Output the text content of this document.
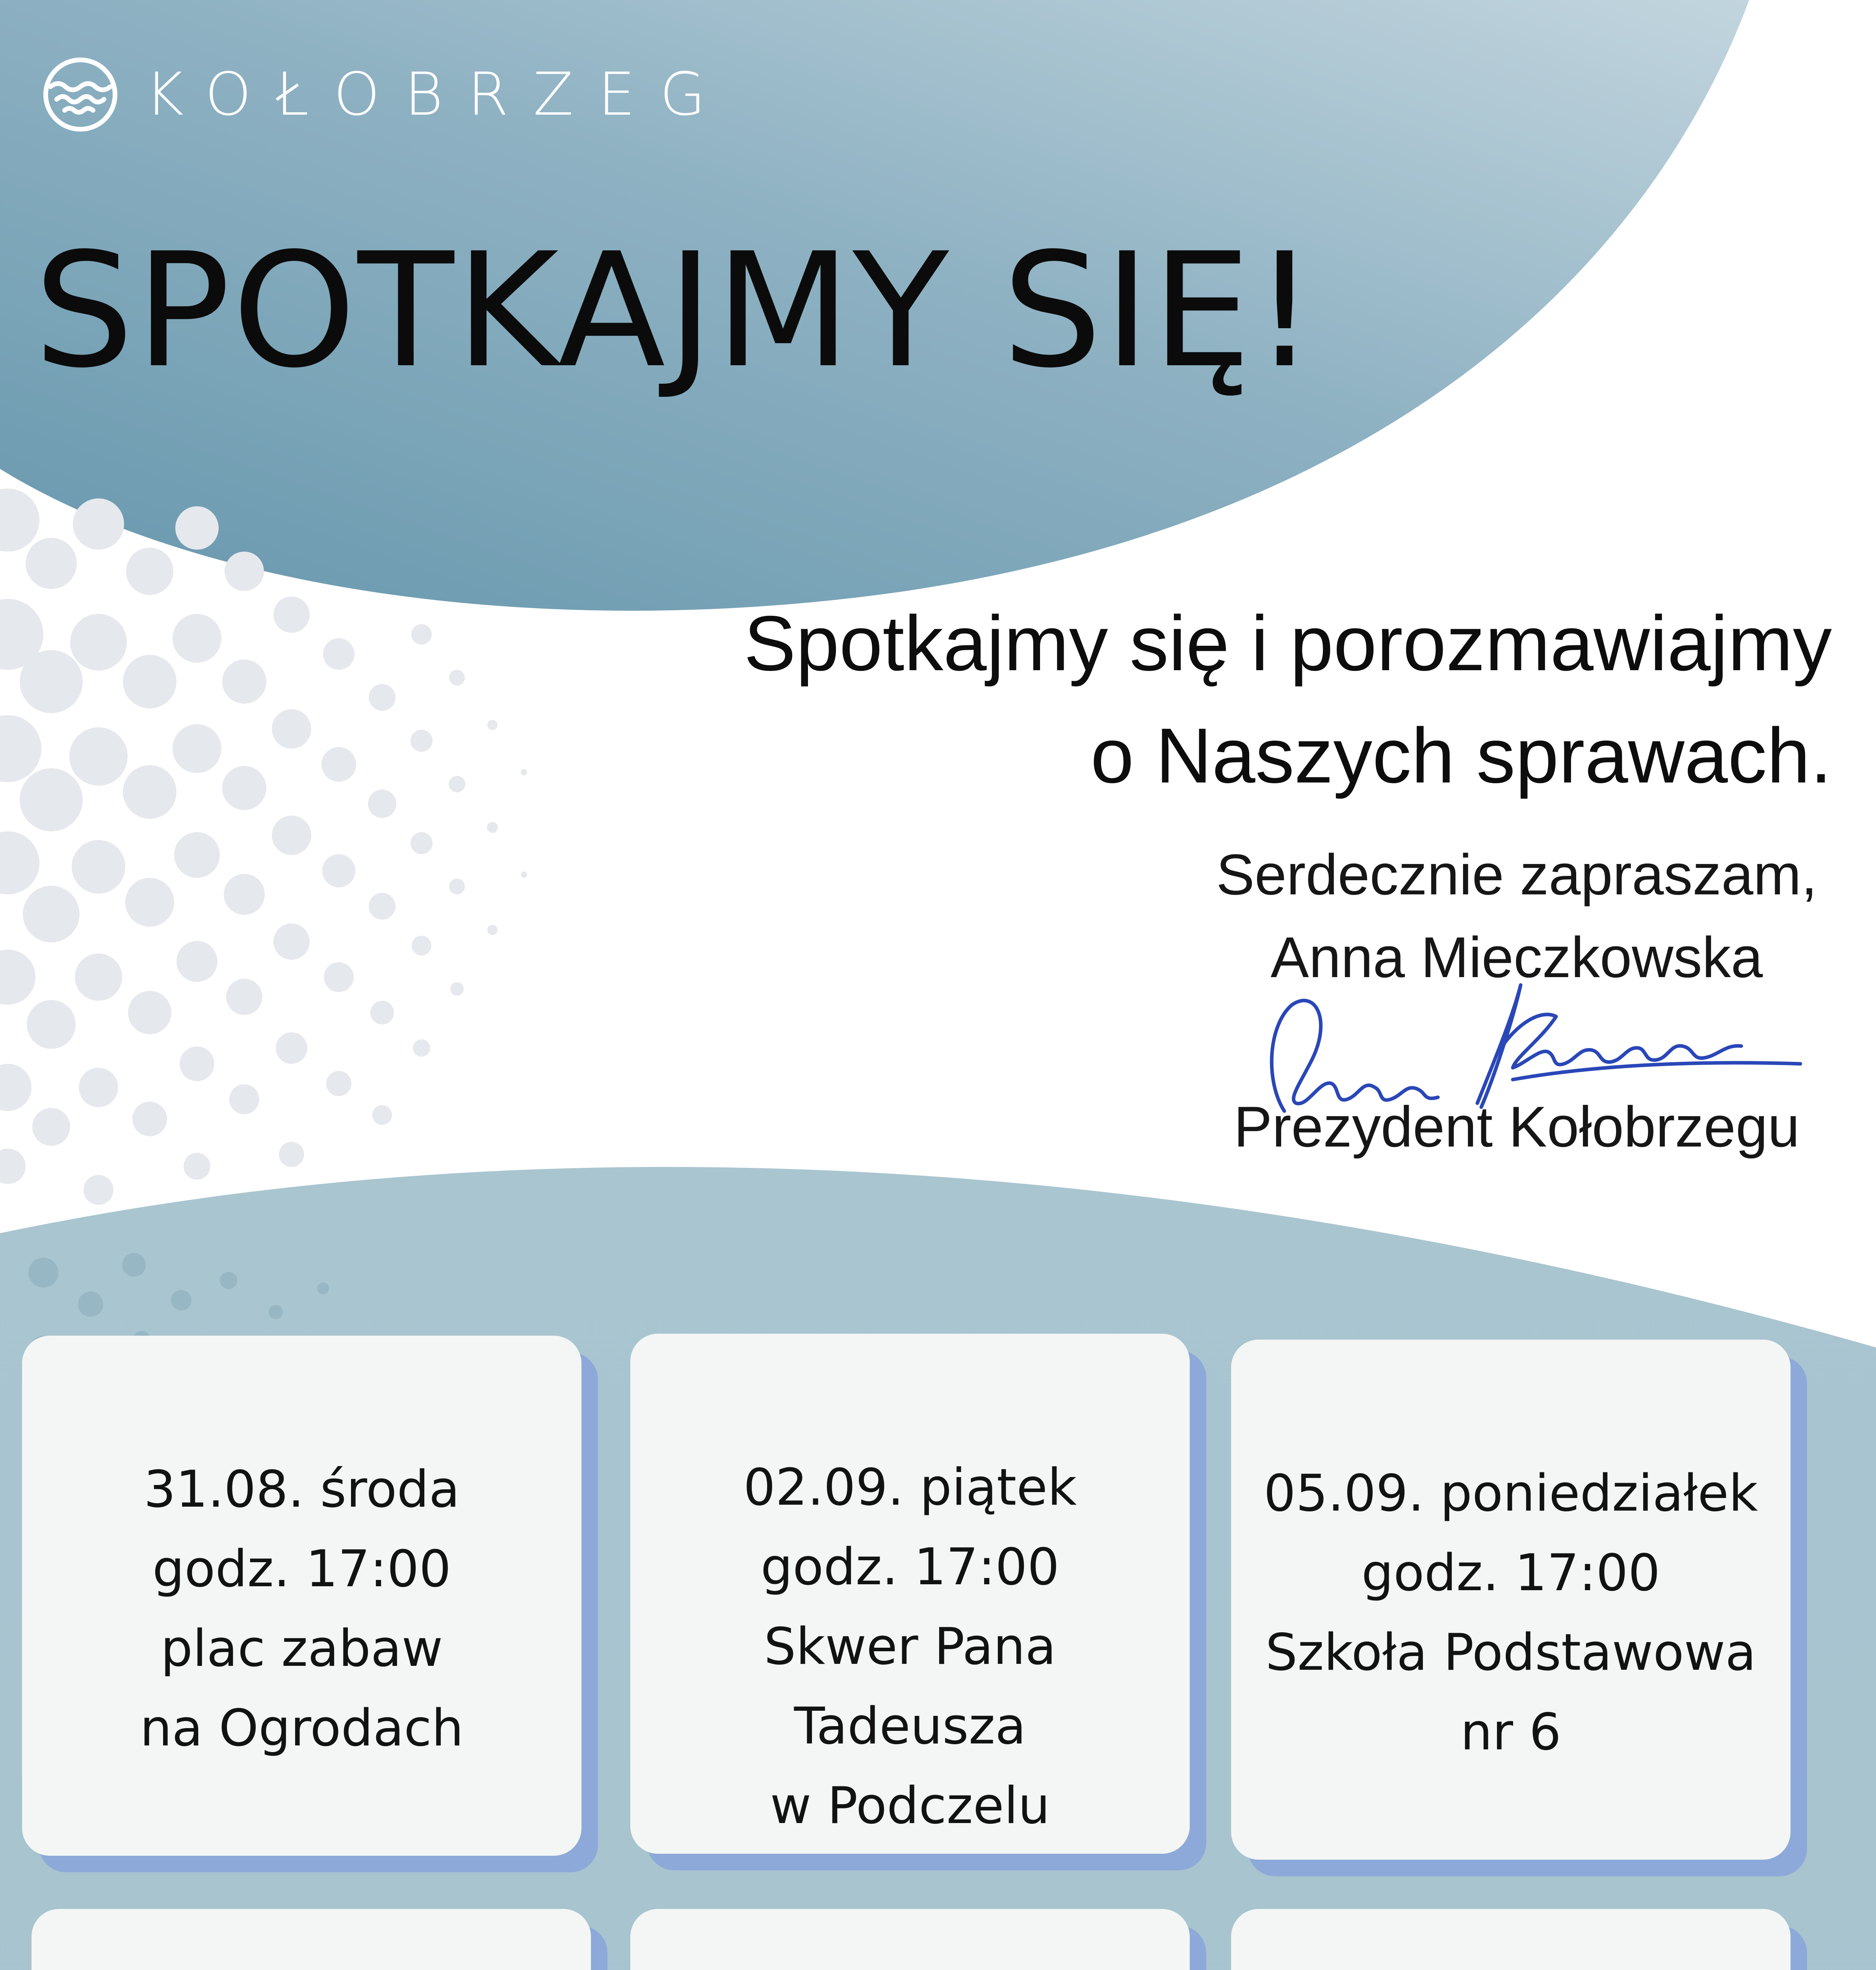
KOŁOBRZEG
SPOTKAJMY SIĘ!
Spotkajmy się i porozmawiajmy
o Naszych sprawach.
Serdecznie zapraszam,
Anna Mieczkowska
Prezydent Kołobrzegu
31.08. środa
godz. 17:00
plac zabaw
na Ogrodach
02.09. piątek
godz. 17:00
Skwer Pana
Tadeusza
w Podczelu
05.09. poniedziałek
godz. 17:00
Szkoła Podstawowa
nr 6
